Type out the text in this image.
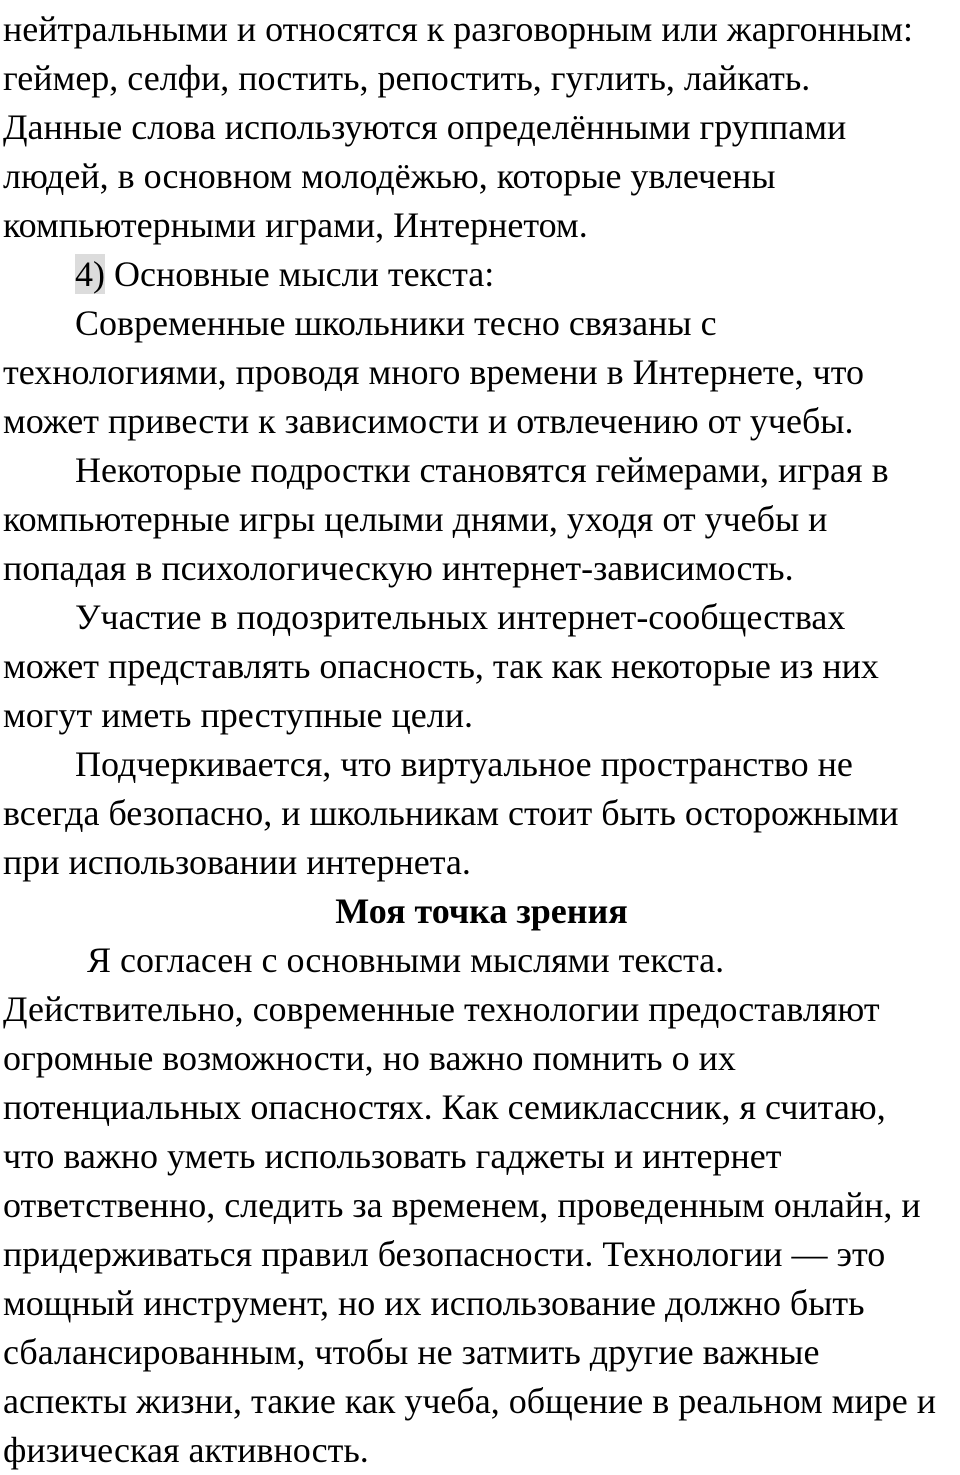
нейтральными и относятся к разговорным или жаргонным:
геймер, селфи, постить, репостить, гуглить, лайкать.
Данные слова используются определёнными группами
людей, в основном молодёжью, которые увлечены
компьютерными играми, Интернетом.
4) Основные мысли текста:
Современные школьники тесно связаны с
технологиями, проводя много времени в Интернете, что
может привести к зависимости и отвлечению от учебы.
Некоторые подростки становятся геймерами, играя в
компьютерные игры целыми днями, уходя от учебы и
попадая в психологическую интернет-зависимость.
Участие в подозрительных интернет-сообществах
может представлять опасность, так как некоторые из них
могут иметь преступные цели.
Подчеркивается, что виртуальное пространство не
всегда безопасно, и школьникам стоит быть осторожными
при использовании интернета.
Моя точка зрения
Я согласен с основными мыслями текста.
Действительно, современные технологии предоставляют
огромные возможности, но важно помнить о их
потенциальных опасностях. Как семиклассник, я считаю,
что важно уметь использовать гаджеты и интернет
ответственно, следить за временем, проведенным онлайн, и
придерживаться правил безопасности. Технологии — это
мощный инструмент, но их использование должно быть
сбалансированным, чтобы не затмить другие важные
аспекты жизни, такие как учеба, общение в реальном мире и
физическая активность.
